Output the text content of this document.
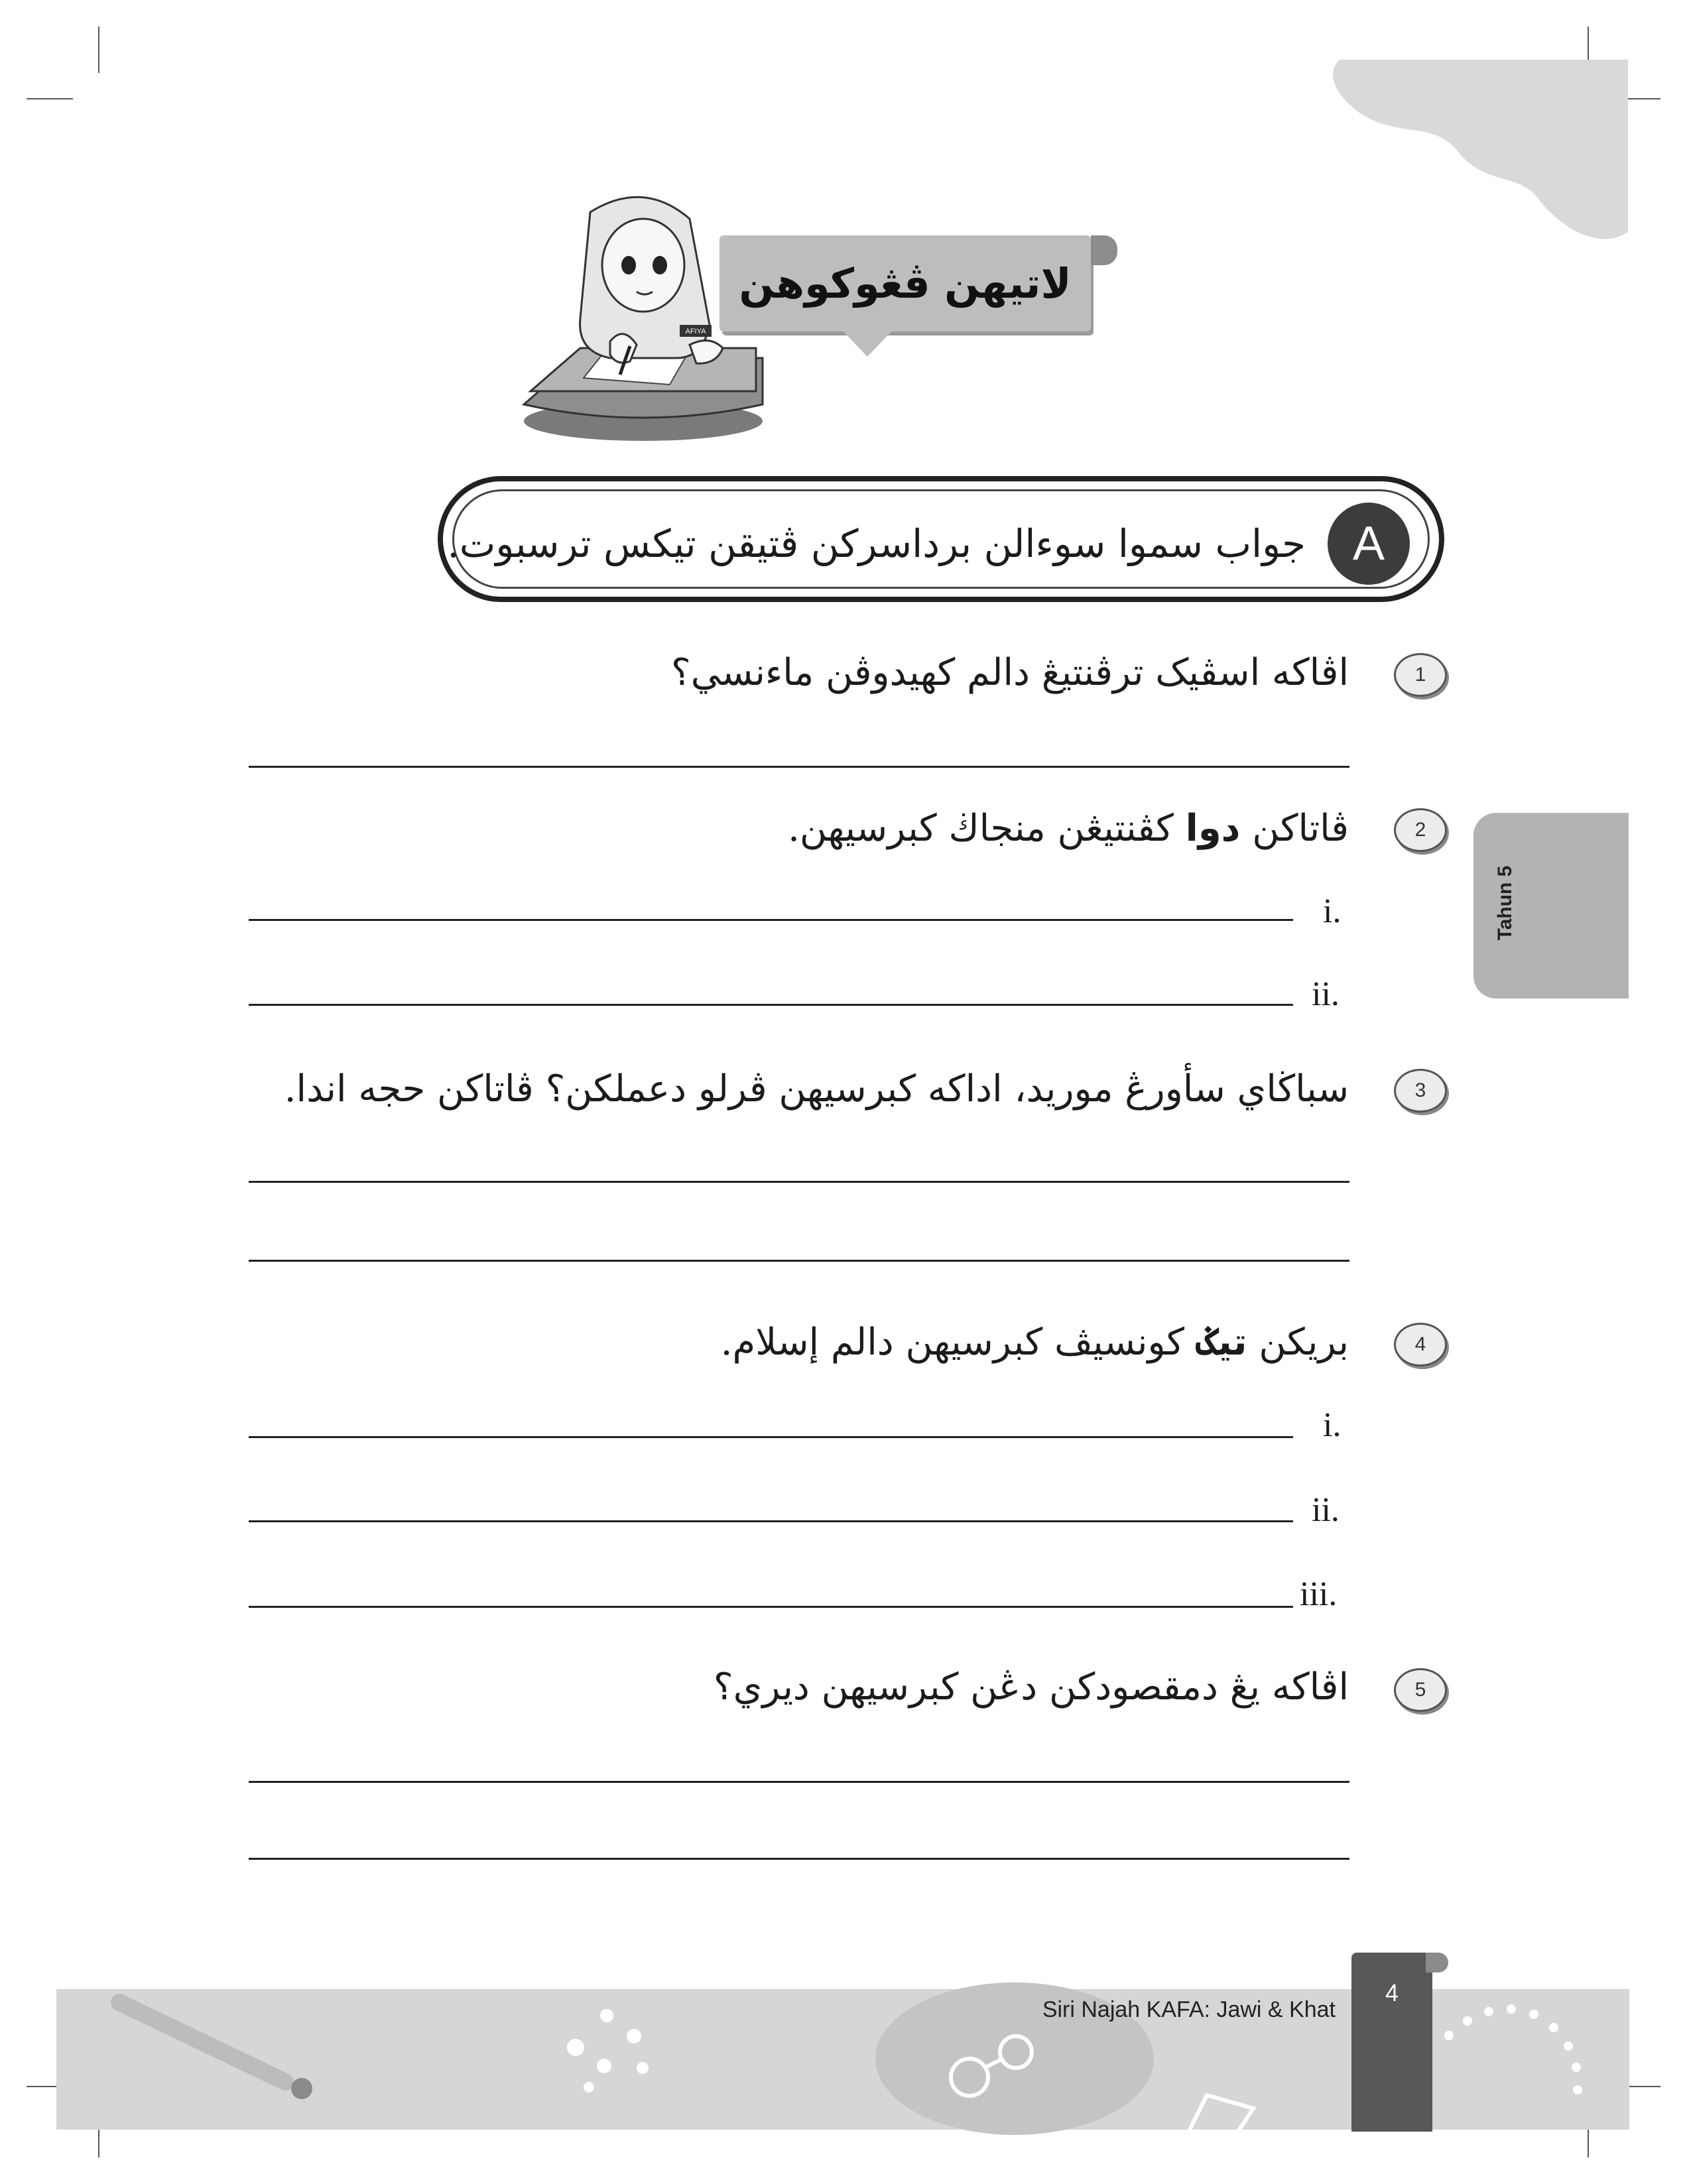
AFIYA
لاتيهن ڤڠوكوهن
A
جواب سموا سوءالن برداسرکن ڤتيقن تيکس ترسبوت.
1
اڤاكه اسڤيک ترڤنتيڠ دالم كهيدوڤن ماءنسي؟
2
ڤاتاکن دوا كڤنتيڠن منجاڬ كبرسيهن.
i.
ii.
3
سباڬاي سأورڠ موريد، اداكه كبرسيهن ڤرلو دعملكن؟ ڤاتاکن حجه اندا.
4
بريكن تيݢ كونسيڤ كبرسيهن دالم إسلام.
i.
ii.
iii.
5
اڤاكه يڠ دمقصودكن دڠن كبرسيهن ديري؟
Tahun 5
Siri Najah KAFA: Jawi & Khat
4
